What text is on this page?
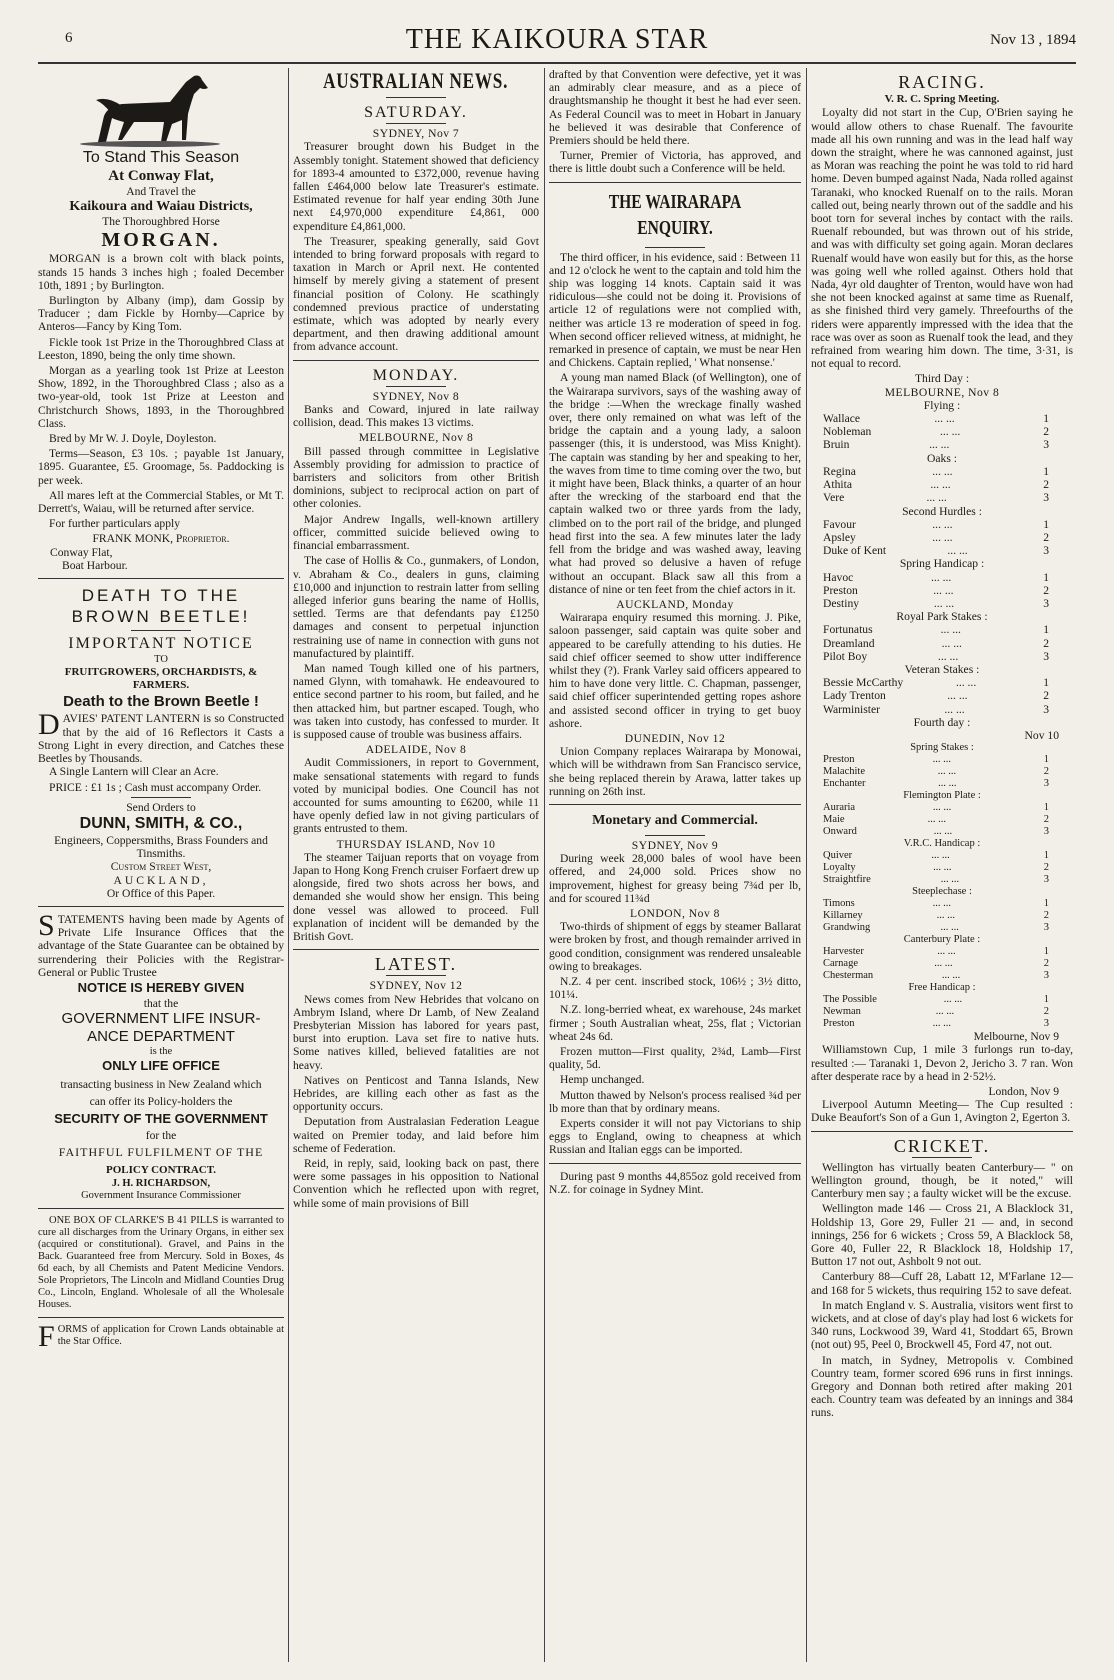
6	THE KAIKOURA STAR	Nov 13 , 1894
To Stand This Season
At Conway Flat,
And Travel the
Kaikoura and Waiau Districts,
The Thoroughbred Horse
MORGAN.

MORGAN is a brown colt with black points, stands 15 hands 3 inches high ; foaled December 10th, 1891 ; by Burlington.

Burlington by Albany (imp), dam Gossip by Traducer ; dam Fickle by Hornby—Caprice by Anteros—Fancy by King Tom.

Fickle took 1st Prize in the Thoroughbred Class at Leeston, 1890, being the only time shown.

Morgan as a yearling took 1st Prize at Leeston Show, 1892, in the Thoroughbred Class ; also as a two-year-old, took 1st Prize at Leeston and Christchurch Shows, 1893, in the Thoroughbred Class.

Bred by Mr W. J. Doyle, Doyleston.

Terms—Season, £3 10s. ; payable 1st January, 1895. Guarantee, £5. Groomage, 5s. Paddocking is per week.

All mares left at the Commercial Stables, or Mt T. Derrett's, Waiau, will be returned after service.

For further particulars apply

FRANK MONK, Proprietor.
Conway Flat,
Boat Harbour.
DEATH TO THE BROWN BEETLE!
IMPORTANT NOTICE
TO
FRUITGROWERS, ORCHARDISTS, & FARMERS.
Death to the Brown Beetle !
DAVIES' PATENT LANTERN is so Constructed that by the aid of 16 Reflectors it Casts a Strong Light in every direction, and Catches these Beetles by Thousands.

A Single Lantern will Clear an Acre.

PRICE : £1 1s ; Cash must accompany Order.

Send Orders to
DUNN, SMITH, & CO.,
Engineers, Coppersmiths, Brass Founders and Tinsmiths.
Custom Street West,
AUCKLAND,
Or Office of this Paper.
STATEMENTS having been made by Agents of Private Life Insurance Offices that the advantage of the State Guarantee can be obtained by surrendering their Policies with the Registrar-General or Public Trustee
NOTICE IS HEREBY GIVEN
that the
GOVERNMENT LIFE INSUR-
ANCE DEPARTMENT
is the
ONLY LIFE OFFICE
transacting business in New Zealand which
can offer its Policy-holders the
SECURITY OF THE GOVERNMENT
for the
FAITHFUL FULFILMENT OF THE
POLICY CONTRACT.
J. H. RICHARDSON,
Government Insurance Commissioner

ONE BOX OF CLARKE'S B 41 PILLS is warranted to cure all discharges from the Urinary Organs, in either sex (acquired or constitutional). Gravel, and Pains in the Back. Guaranteed free from Mercury. Sold in Boxes, 4s 6d each, by all Chemists and Patent Medicine Vendors. Sole Proprietors, The Lincoln and Midland Counties Drug Co., Lincoln, England. Wholesale of all the Wholesale Houses.

FORMS of application for Crown Lands obtainable at the Star Office.
AUSTRALIAN NEWS.
SATURDAY.
SYDNEY, Nov 7

Treasurer brought down his Budget in the Assembly tonight. Statement showed that deficiency for 1893-4 amounted to £372,000, revenue having fallen £464,000 below late Treasurer's estimate. Estimated revenue for half year ending 30th June next £4,970,000 expenditure £4,861, 000 expenditure £4,861,000.

The Treasurer, speaking generally, said Govt intended to bring forward proposals with regard to taxation in March or April next. He contented himself by merely giving a statement of present financial position of Colony. He scathingly condemned previous practice of understating estimate, which was adopted by nearly every department, and then drawing additional amount from advance account.

MONDAY.
SYDNEY, Nov 8

Banks and Coward, injured in late railway collision, dead. This makes 13 victims.

MELBOURNE, Nov 8

Bill passed through committee in Legislative Assembly providing for admission to practice of barristers and solicitors from other British dominions, subject to reciprocal action on part of other colonies.

Major Andrew Ingalls, well-known artillery officer, committed suicide believed owing to financial embarrassment.

The case of Hollis & Co., gunmakers, of London, v. Abraham & Co., dealers in guns, claiming £10,000 and injunction to restrain latter from selling alleged inferior guns bearing the name of Hollis, settled. Terms are that defendants pay £1250 damages and consent to perpetual injunction restraining use of name in connection with guns not manufactured by plaintiff.

Man named Tough killed one of his partners, named Glynn, with tomahawk. He endeavoured to entice second partner to his room, but failed, and he then attacked him, but partner escaped. Tough, who was taken into custody, has confessed to murder. It is supposed cause of trouble was business affairs.

ADELAIDE, Nov 8

Audit Commissioners, in report to Government, make sensational statements with regard to funds voted by municipal bodies. One Council has not accounted for sums amounting to £6200, while 11 have openly defied law in not giving particulars of grants entrusted to them.

THURSDAY ISLAND, Nov 10

The steamer Taijuan reports that on voyage from Japan to Hong Kong French cruiser Forfaert drew up alongside, fired two shots across her bows, and demanded she would show her ensign. This being done vessel was allowed to proceed. Full explanation of incident will be demanded by the British Govt.

LATEST.
SYDNEY, Nov 12

News comes from New Hebrides that volcano on Ambrym Island, where Dr Lamb, of New Zealand Presbyterian Mission has labored for years past, burst into eruption. Lava set fire to native huts. Some natives killed, believed fatalities are not heavy.

Natives on Penticost and Tanna Islands, New Hebrides, are killing each other as fast as the opportunity occurs.

Deputation from Australasian Federation League waited on Premier today, and laid before him scheme of Federation.

Reid, in reply, said, looking back on past, there were some passages in his opposition to National Convention which he reflected upon with regret, while some of main provisions of Bill

drafted by that Convention were defective, yet it was an admirably clear measure, and as a piece of draughtsmanship he thought it best he had ever seen. As Federal Council was to meet in Hobart in January he believed it was desirable that Conference of Premiers should be held there.

Turner, Premier of Victoria, has approved, and there is little doubt such a Conference will be held.

THE WAIRARAPA ENQUIRY.

The third officer, in his evidence, said : Between 11 and 12 o'clock he went to the captain and told him the ship was logging 14 knots. Captain said it was ridiculous—she could not be doing it. Provisions of article 12 of regulations were not complied with, neither was article 13 re moderation of speed in fog. When second officer relieved witness, at midnight, he remarked in presence of captain, we must be near Hen and Chickens. Captain replied, ' What nonsense.'

A young man named Black (of Wellington), one of the Wairarapa survivors, says of the washing away of the bridge :—When the wreckage finally washed over, there only remained on what was left of the bridge the captain and a young lady, a saloon passenger (this, it is understood, was Miss Knight). The captain was standing by her and speaking to her, the waves from time to time coming over the two, but it might have been, Black thinks, a quarter of an hour after the wrecking of the starboard end that the captain walked two or three yards from the lady, climbed on to the port rail of the bridge, and plunged head first into the sea. A few minutes later the lady fell from the bridge and was washed away, leaving what had proved so delusive a haven of refuge without an occupant. Black saw all this from a distance of nine or ten feet from the chief actors in it.

AUCKLAND, Monday

Wairarapa enquiry resumed this morning. J. Pike, saloon passenger, said captain was quite sober and appeared to be carefully attending to his duties. He said chief officer seemed to show utter indifference whilst they (?). Frank Varley said officers appeared to him to have done very little. C. Chapman, passenger, said chief officer superintended getting ropes ashore and assisted second officer in trying to get buoy ashore.

DUNEDIN, Nov 12

Union Company replaces Wairarapa by Monowai, which will be withdrawn from San Francisco service, she being replaced therein by Arawa, latter takes up running on 26th inst.

Monetary and Commercial.
SYDNEY, Nov 9

During week 28,000 bales of wool have been offered, and 24,000 sold. Prices show no improvement, highest for greasy being 7¾d per lb, and for scoured 11¾d

LONDON, Nov 8

Two-thirds of shipment of eggs by steamer Ballarat were broken by frost, and though remainder arrived in good condition, consignment was rendered unsaleable owing to breakages.

N.Z. 4 per cent. inscribed stock, 106½ ; 3½ ditto, 101¼.

N.Z. long-berried wheat, ex warehouse, 24s market firmer ; South Australian wheat, 25s, flat ; Victorian wheat 24s 6d.

Frozen mutton—First quality, 2¾d, Lamb—First quality, 5d.

Hemp unchanged.

Mutton thawed by Nelson's process realised ¾d per lb more than that by ordinary means.

Experts consider it will not pay Victorians to ship eggs to England, owing to cheapness at which Russian and Italian eggs can be imported.

During past 9 months 44,855oz gold received from N.Z. for coinage in Sydney Mint.

RACING.
V. R. C. Spring Meeting.

Loyalty did not start in the Cup, O'Brien saying he would allow others to chase Ruenalf. The favourite made all his own running and was in the lead half way down the straight, where he was cannoned against, just as Moran was reaching the point he was told to rid hard home. Deven bumped against Nada, Nada rolled against Taranaki, who knocked Ruenalf on to the rails. Moran called out, being nearly thrown out of the saddle and his boot torn for several inches by contact with the rails. Ruenalf rebounded, but was thrown out of his stride, and was with difficulty set going again. Moran declares Ruenalf would have won easily but for this, as the horse was going well whe rolled against. Others hold that Nada, 4yr old daughter of Trenton, would have won had she not been knocked against at same time as Ruenalf, as she finished third very gamely. Threefourths of the riders were apparently impressed with the idea that the race was over as soon as Ruenalf took the lead, and they refrained from wearing him down. The time, 3·31, is not equal to record.

Third Day :
MELBOURNE, Nov 8
Flying :
Wallace	... ...	1
Nobleman	... ...	2
Bruin	... ...	3
Oaks :
Regina	... ...	1
Athita	... ...	2
Vere	... ...	3
Second Hurdles :
Favour	... ...	1
Apsley	... ...	2
Duke of Kent	... ...	3
Spring Handicap :
Havoc	... ...	1
Preston	... ...	2
Destiny	... ...	3
Royal Park Stakes :
Fortunatus	... ...	1
Dreamland	... ...	2
Pilot Boy	... ...	3
Veteran Stakes :
Bessie McCarthy	... ...	1
Lady Trenton	... ...	2
Warminister	... ...	3
Fourth day :
Nov 10
Spring Stakes :
Preston	... ...	1
Malachite	... ...	2
Enchanter	... ...	3
Flemington Plate :
Auraria	... ...	1
Maie	... ...	2
Onward	... ...	3
V.R.C. Handicap :
Quiver	... ...	1
Loyalty	... ...	2
Straightfire	... ...	3
Steeplechase :
Timons	... ...	1
Killarney	... ...	2
Grandwing	... ...	3
Canterbury Plate :
Harvester	... ...	1
Carnage	... ...	2
Chesterman	... ...	3
Free Handicap :
The Possible	... ...	1
Newman	... ...	2
Preston	... ...	3
Melbourne, Nov 9

Williamstown Cup, 1 mile 3 furlongs run to-day, resulted :— Taranaki 1, Devon 2, Jericho 3. 7 ran. Won after desperate race by a head in 2·52½.

London, Nov 9

Liverpool Autumn Meeting— The Cup resulted : Duke Beaufort's Son of a Gun 1, Avington 2, Egerton 3.

CRICKET.

Wellington has virtually beaten Canterbury— " on Wellington ground, though, be it noted," will Canterbury men say ; a faulty wicket will be the excuse.

Wellington made 146 — Cross 21, A Blacklock 31, Holdship 13, Gore 29, Fuller 21 — and, in second innings, 256 for 6 wickets ; Cross 59, A Blacklock 58, Gore 40, Fuller 22, R Blacklock 18, Holdship 17, Button 17 not out, Ashbolt 9 not out.

Canterbury 88—Cuff 28, Labatt 12, M'Farlane 12—and 168 for 5 wickets, thus requiring 152 to save defeat.

In match England v. S. Australia, visitors went first to wickets, and at close of day's play had lost 6 wickets for 340 runs, Lockwood 39, Ward 41, Stoddart 65, Brown (not out) 95, Peel 0, Brockwell 45, Ford 47, not out.

In match, in Sydney, Metropolis v. Combined Country team, former scored 696 runs in first innings. Gregory and Donnan both retired after making 201 each. Country team was defeated by an innings and 384 runs.
